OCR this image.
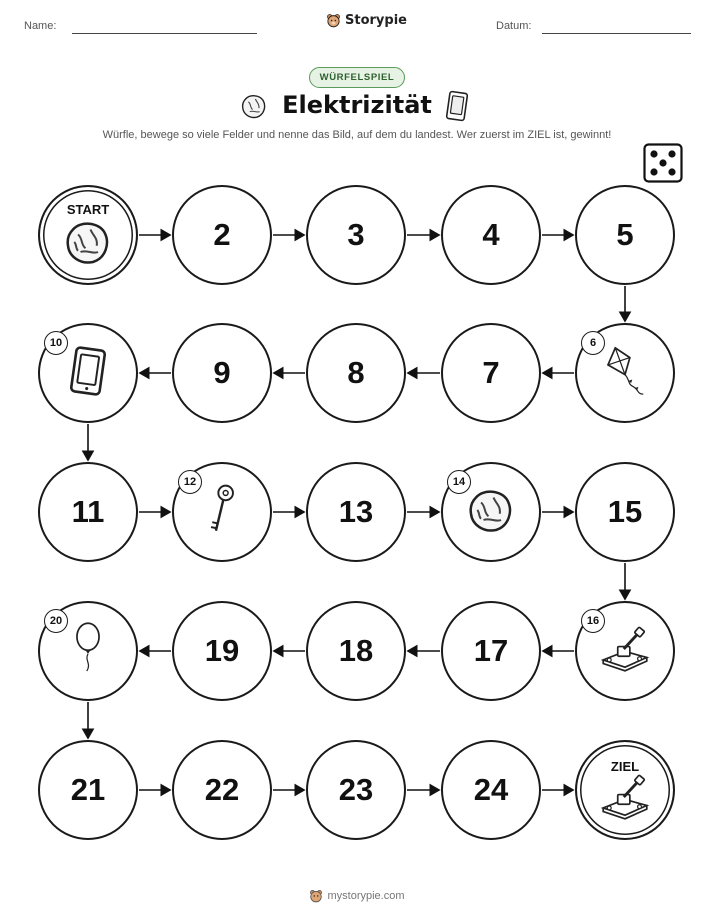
Name:	Storypie	Datum:
WÜRFELSPIEL
Elektrizität
Würfle, bewege so viele Felder und nenne das Bild, auf dem du landest. Wer zuerst im ZIEL ist, gewinnt!
START
2	3	4	5
10
9	8	7
6
11
12
13
14
15
20
19	18	17
16
21	22	23	24
ZIEL
mystorypie.com
